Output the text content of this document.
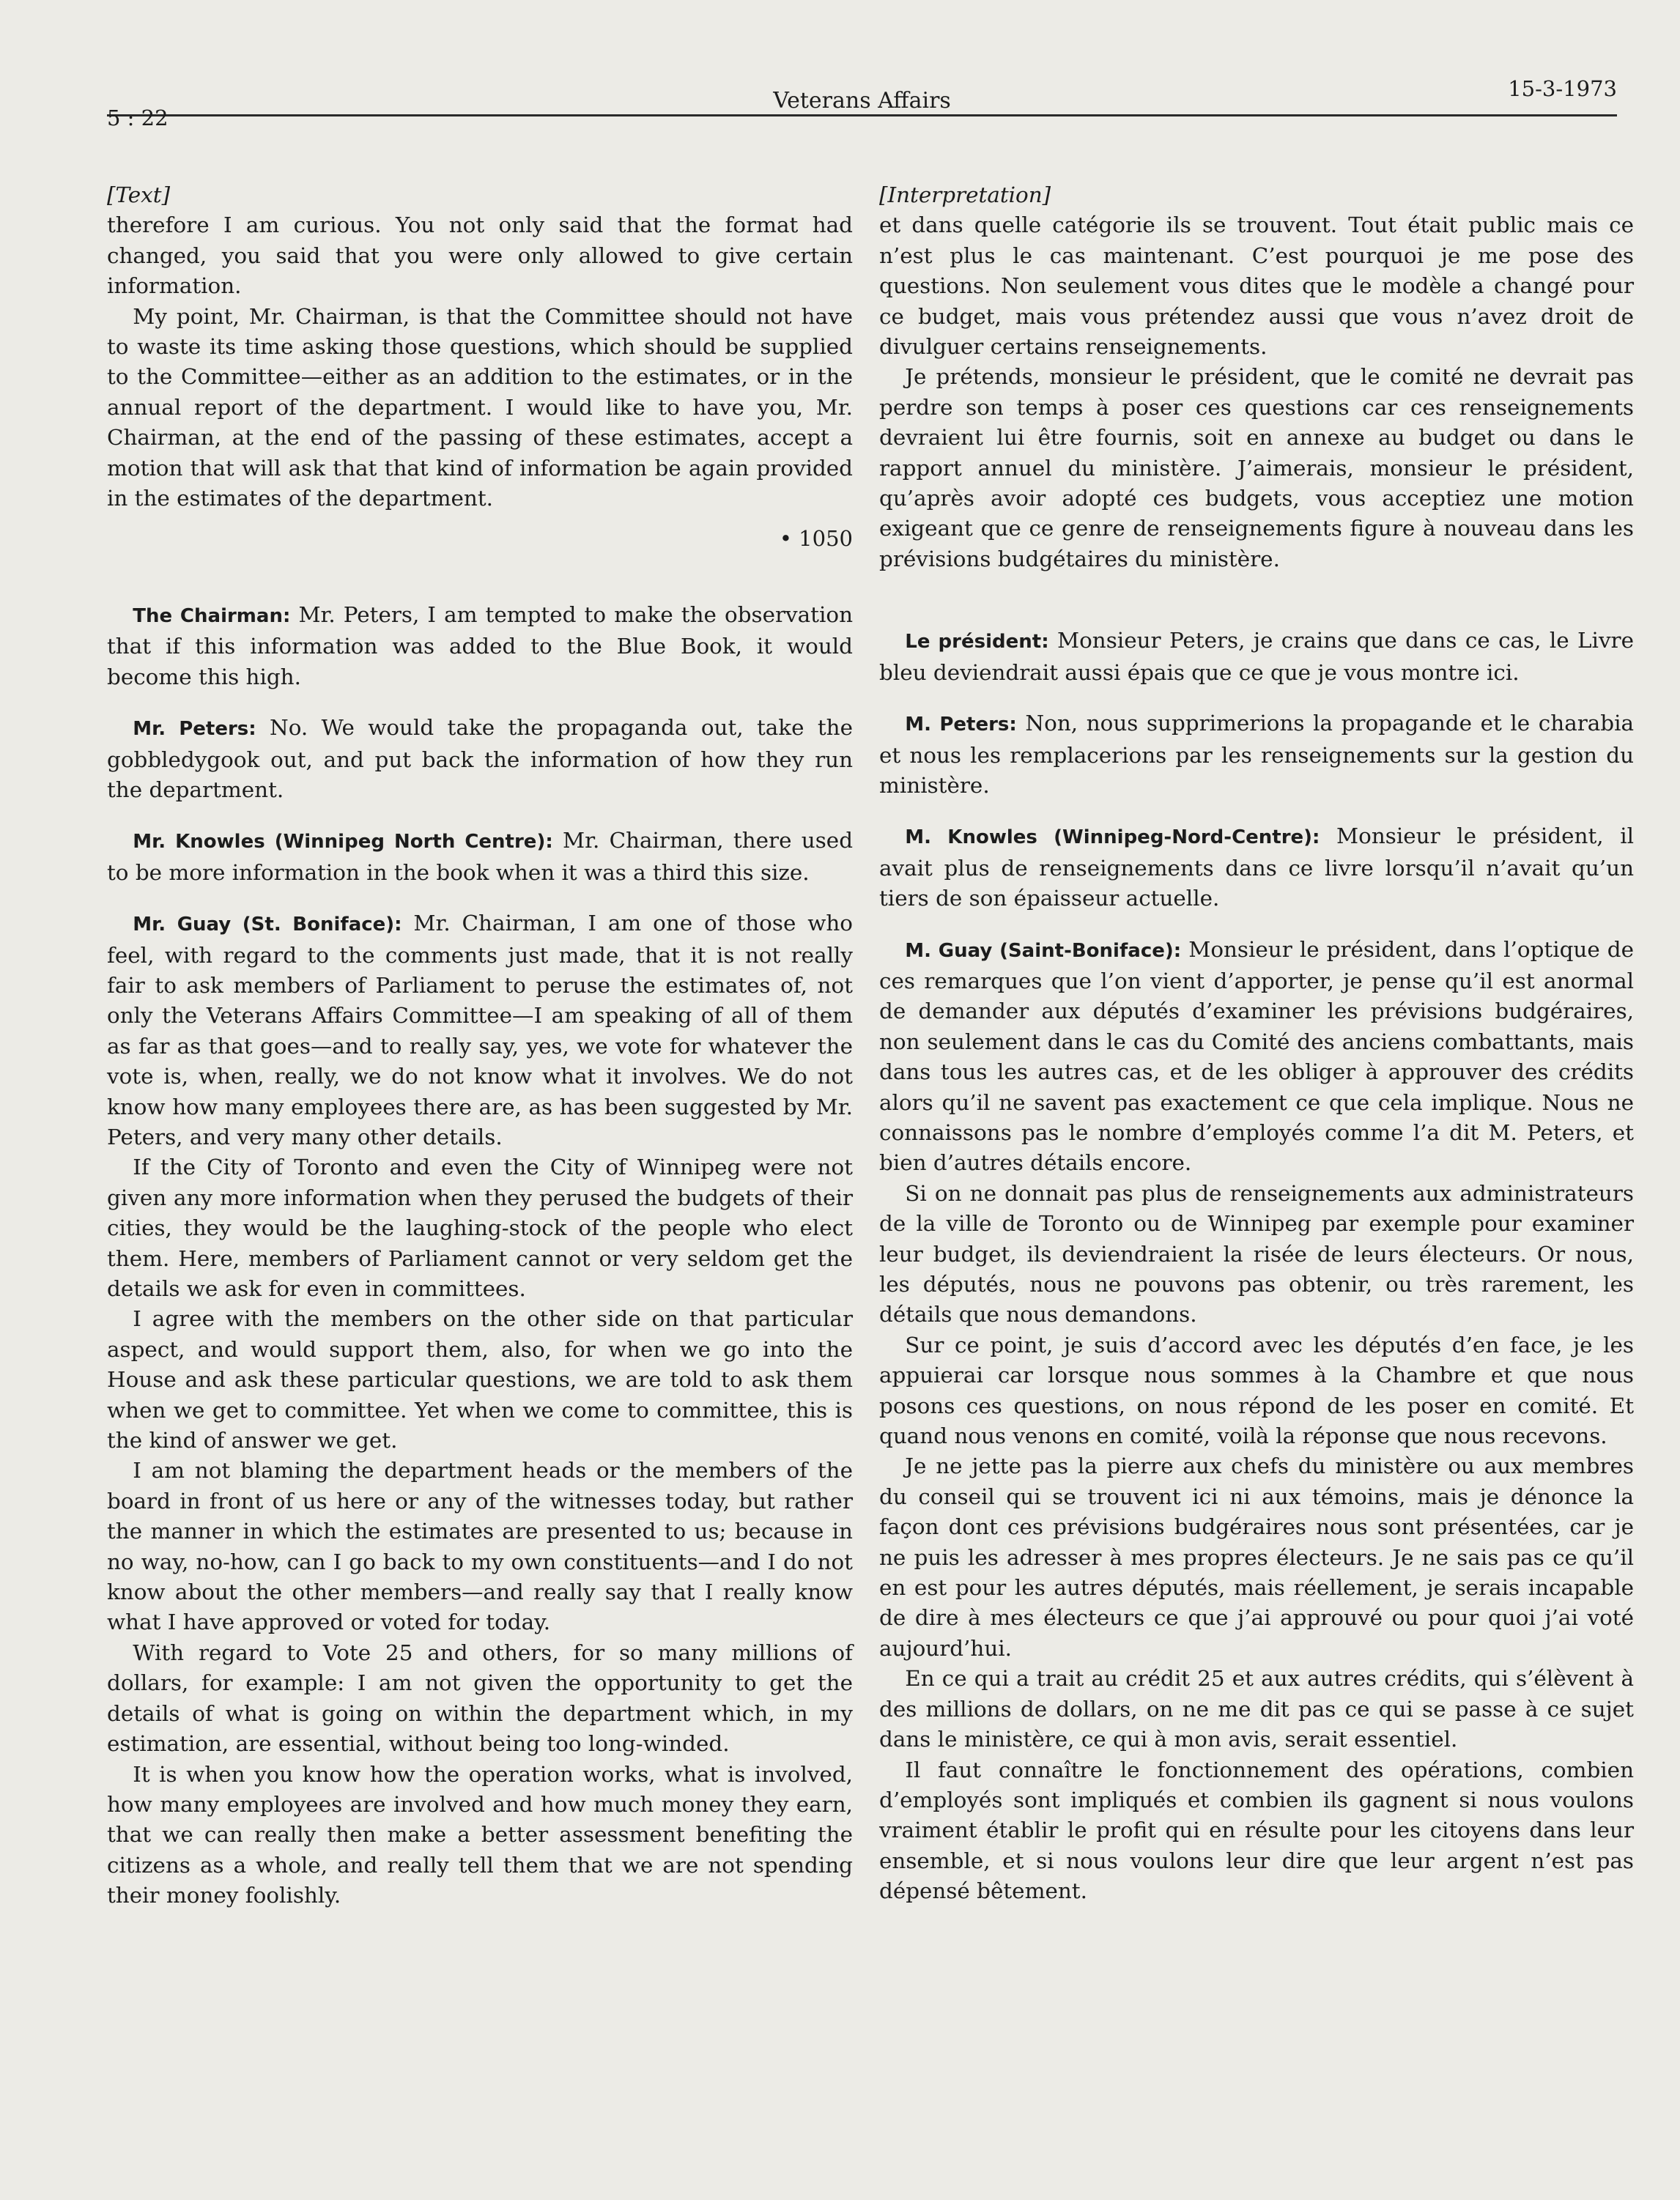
5 : 22
Veterans Affairs	15-3-1973

[Text]

therefore I am curious. You not only said that the format had changed, you said that you were only allowed to give certain information.

My point, Mr. Chairman, is that the Committee should not have to waste its time asking those questions, which should be supplied to the Committee—either as an addition to the estimates, or in the annual report of the department. I would like to have you, Mr. Chairman, at the end of the passing of these estimates, accept a motion that will ask that that kind of information be again provided in the estimates of the department.

• 1050

The Chairman: Mr. Peters, I am tempted to make the observation that if this information was added to the Blue Book, it would become this high.

Mr. Peters: No. We would take the propaganda out, take the gobbledygook out, and put back the information of how they run the department.

Mr. Knowles (Winnipeg North Centre): Mr. Chairman, there used to be more information in the book when it was a third this size.

Mr. Guay (St. Boniface): Mr. Chairman, I am one of those who feel, with regard to the comments just made, that it is not really fair to ask members of Parliament to peruse the estimates of, not only the Veterans Affairs Committee—I am speaking of all of them as far as that goes—and to really say, yes, we vote for whatever the vote is, when, really, we do not know what it involves. We do not know how many employees there are, as has been suggested by Mr. Peters, and very many other details.

If the City of Toronto and even the City of Winnipeg were not given any more information when they perused the budgets of their cities, they would be the laughing-stock of the people who elect them. Here, members of Parliament cannot or very seldom get the details we ask for even in committees.

I agree with the members on the other side on that particular aspect, and would support them, also, for when we go into the House and ask these particular questions, we are told to ask them when we get to committee. Yet when we come to committee, this is the kind of answer we get.

I am not blaming the department heads or the members of the board in front of us here or any of the witnesses today, but rather the manner in which the estimates are presented to us; because in no way, no-how, can I go back to my own constituents—and I do not know about the other members—and really say that I really know what I have approved or voted for today.

With regard to Vote 25 and others, for so many millions of dollars, for example: I am not given the opportunity to get the details of what is going on within the department which, in my estimation, are essential, without being too long-winded.

It is when you know how the operation works, what is involved, how many employees are involved and how much money they earn, that we can really then make a better assessment benefiting the citizens as a whole, and really tell them that we are not spending their money foolishly.

[Interpretation]

et dans quelle catégorie ils se trouvent. Tout était public mais ce n’est plus le cas maintenant. C’est pourquoi je me pose des questions. Non seulement vous dites que le modèle a changé pour ce budget, mais vous prétendez aussi que vous n’avez droit de divulguer certains renseignements.

Je prétends, monsieur le président, que le comité ne devrait pas perdre son temps à poser ces questions car ces renseignements devraient lui être fournis, soit en annexe au budget ou dans le rapport annuel du ministère. J’aimerais, monsieur le président, qu’après avoir adopté ces budgets, vous acceptiez une motion exigeant que ce genre de renseignements figure à nouveau dans les prévisions budgétaires du ministère.

Le président: Monsieur Peters, je crains que dans ce cas, le Livre bleu deviendrait aussi épais que ce que je vous montre ici.

M. Peters: Non, nous supprimerions la propagande et le charabia et nous les remplacerions par les renseignements sur la gestion du ministère.

M. Knowles (Winnipeg-Nord-Centre): Monsieur le président, il avait plus de renseignements dans ce livre lorsqu’il n’avait qu’un tiers de son épaisseur actuelle.

M. Guay (Saint-Boniface): Monsieur le président, dans l’optique de ces remarques que l’on vient d’apporter, je pense qu’il est anormal de demander aux députés d’examiner les prévisions budgéraires, non seulement dans le cas du Comité des anciens combattants, mais dans tous les autres cas, et de les obliger à approuver des crédits alors qu’il ne savent pas exactement ce que cela implique. Nous ne connaissons pas le nombre d’employés comme l’a dit M. Peters, et bien d’autres détails encore.

Si on ne donnait pas plus de renseignements aux administrateurs de la ville de Toronto ou de Winnipeg par exemple pour examiner leur budget, ils deviendraient la risée de leurs électeurs. Or nous, les députés, nous ne pouvons pas obtenir, ou très rarement, les détails que nous demandons.

Sur ce point, je suis d’accord avec les députés d’en face, je les appuierai car lorsque nous sommes à la Chambre et que nous posons ces questions, on nous répond de les poser en comité. Et quand nous venons en comité, voilà la réponse que nous recevons.

Je ne jette pas la pierre aux chefs du ministère ou aux membres du conseil qui se trouvent ici ni aux témoins, mais je dénonce la façon dont ces prévisions budgéraires nous sont présentées, car je ne puis les adresser à mes propres électeurs. Je ne sais pas ce qu’il en est pour les autres députés, mais réellement, je serais incapable de dire à mes électeurs ce que j’ai approuvé ou pour quoi j’ai voté aujourd’hui.

En ce qui a trait au crédit 25 et aux autres crédits, qui s’élèvent à des millions de dollars, on ne me dit pas ce qui se passe à ce sujet dans le ministère, ce qui à mon avis, serait essentiel.

Il faut connaître le fonctionnement des opérations, combien d’employés sont impliqués et combien ils gagnent si nous voulons vraiment établir le profit qui en résulte pour les citoyens dans leur ensemble, et si nous voulons leur dire que leur argent n’est pas dépensé bêtement.
